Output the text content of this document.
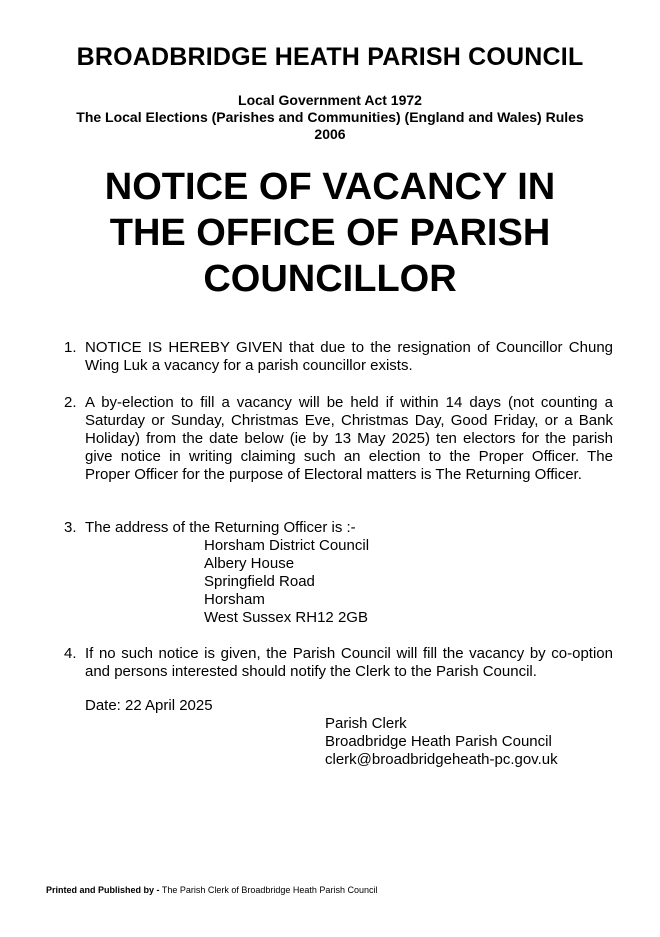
BROADBRIDGE HEATH PARISH COUNCIL
Local Government Act 1972
The Local Elections (Parishes and Communities) (England and Wales) Rules
2006
NOTICE OF VACANCY IN
THE OFFICE OF PARISH
COUNCILLOR
1. NOTICE IS HEREBY GIVEN that due to the resignation of Councillor Chung Wing Luk a vacancy for a parish councillor exists.
2. A by-election to fill a vacancy will be held if within 14 days (not counting a Saturday or Sunday, Christmas Eve, Christmas Day, Good Friday, or a Bank Holiday) from the date below (ie by 13 May 2025) ten electors for the parish give notice in writing claiming such an election to the Proper Officer. The Proper Officer for the purpose of Electoral matters is The Returning Officer.
3. The address of the Returning Officer is :-
Horsham District Council
Albery House
Springfield Road
Horsham
West Sussex RH12 2GB
4. If no such notice is given, the Parish Council will fill the vacancy by co-option and persons interested should notify the Clerk to the Parish Council.
Date: 22 April 2025
Parish Clerk
Broadbridge Heath Parish Council
clerk@broadbridgeheath-pc.gov.uk
Printed and Published by - The Parish Clerk of Broadbridge Heath Parish Council
